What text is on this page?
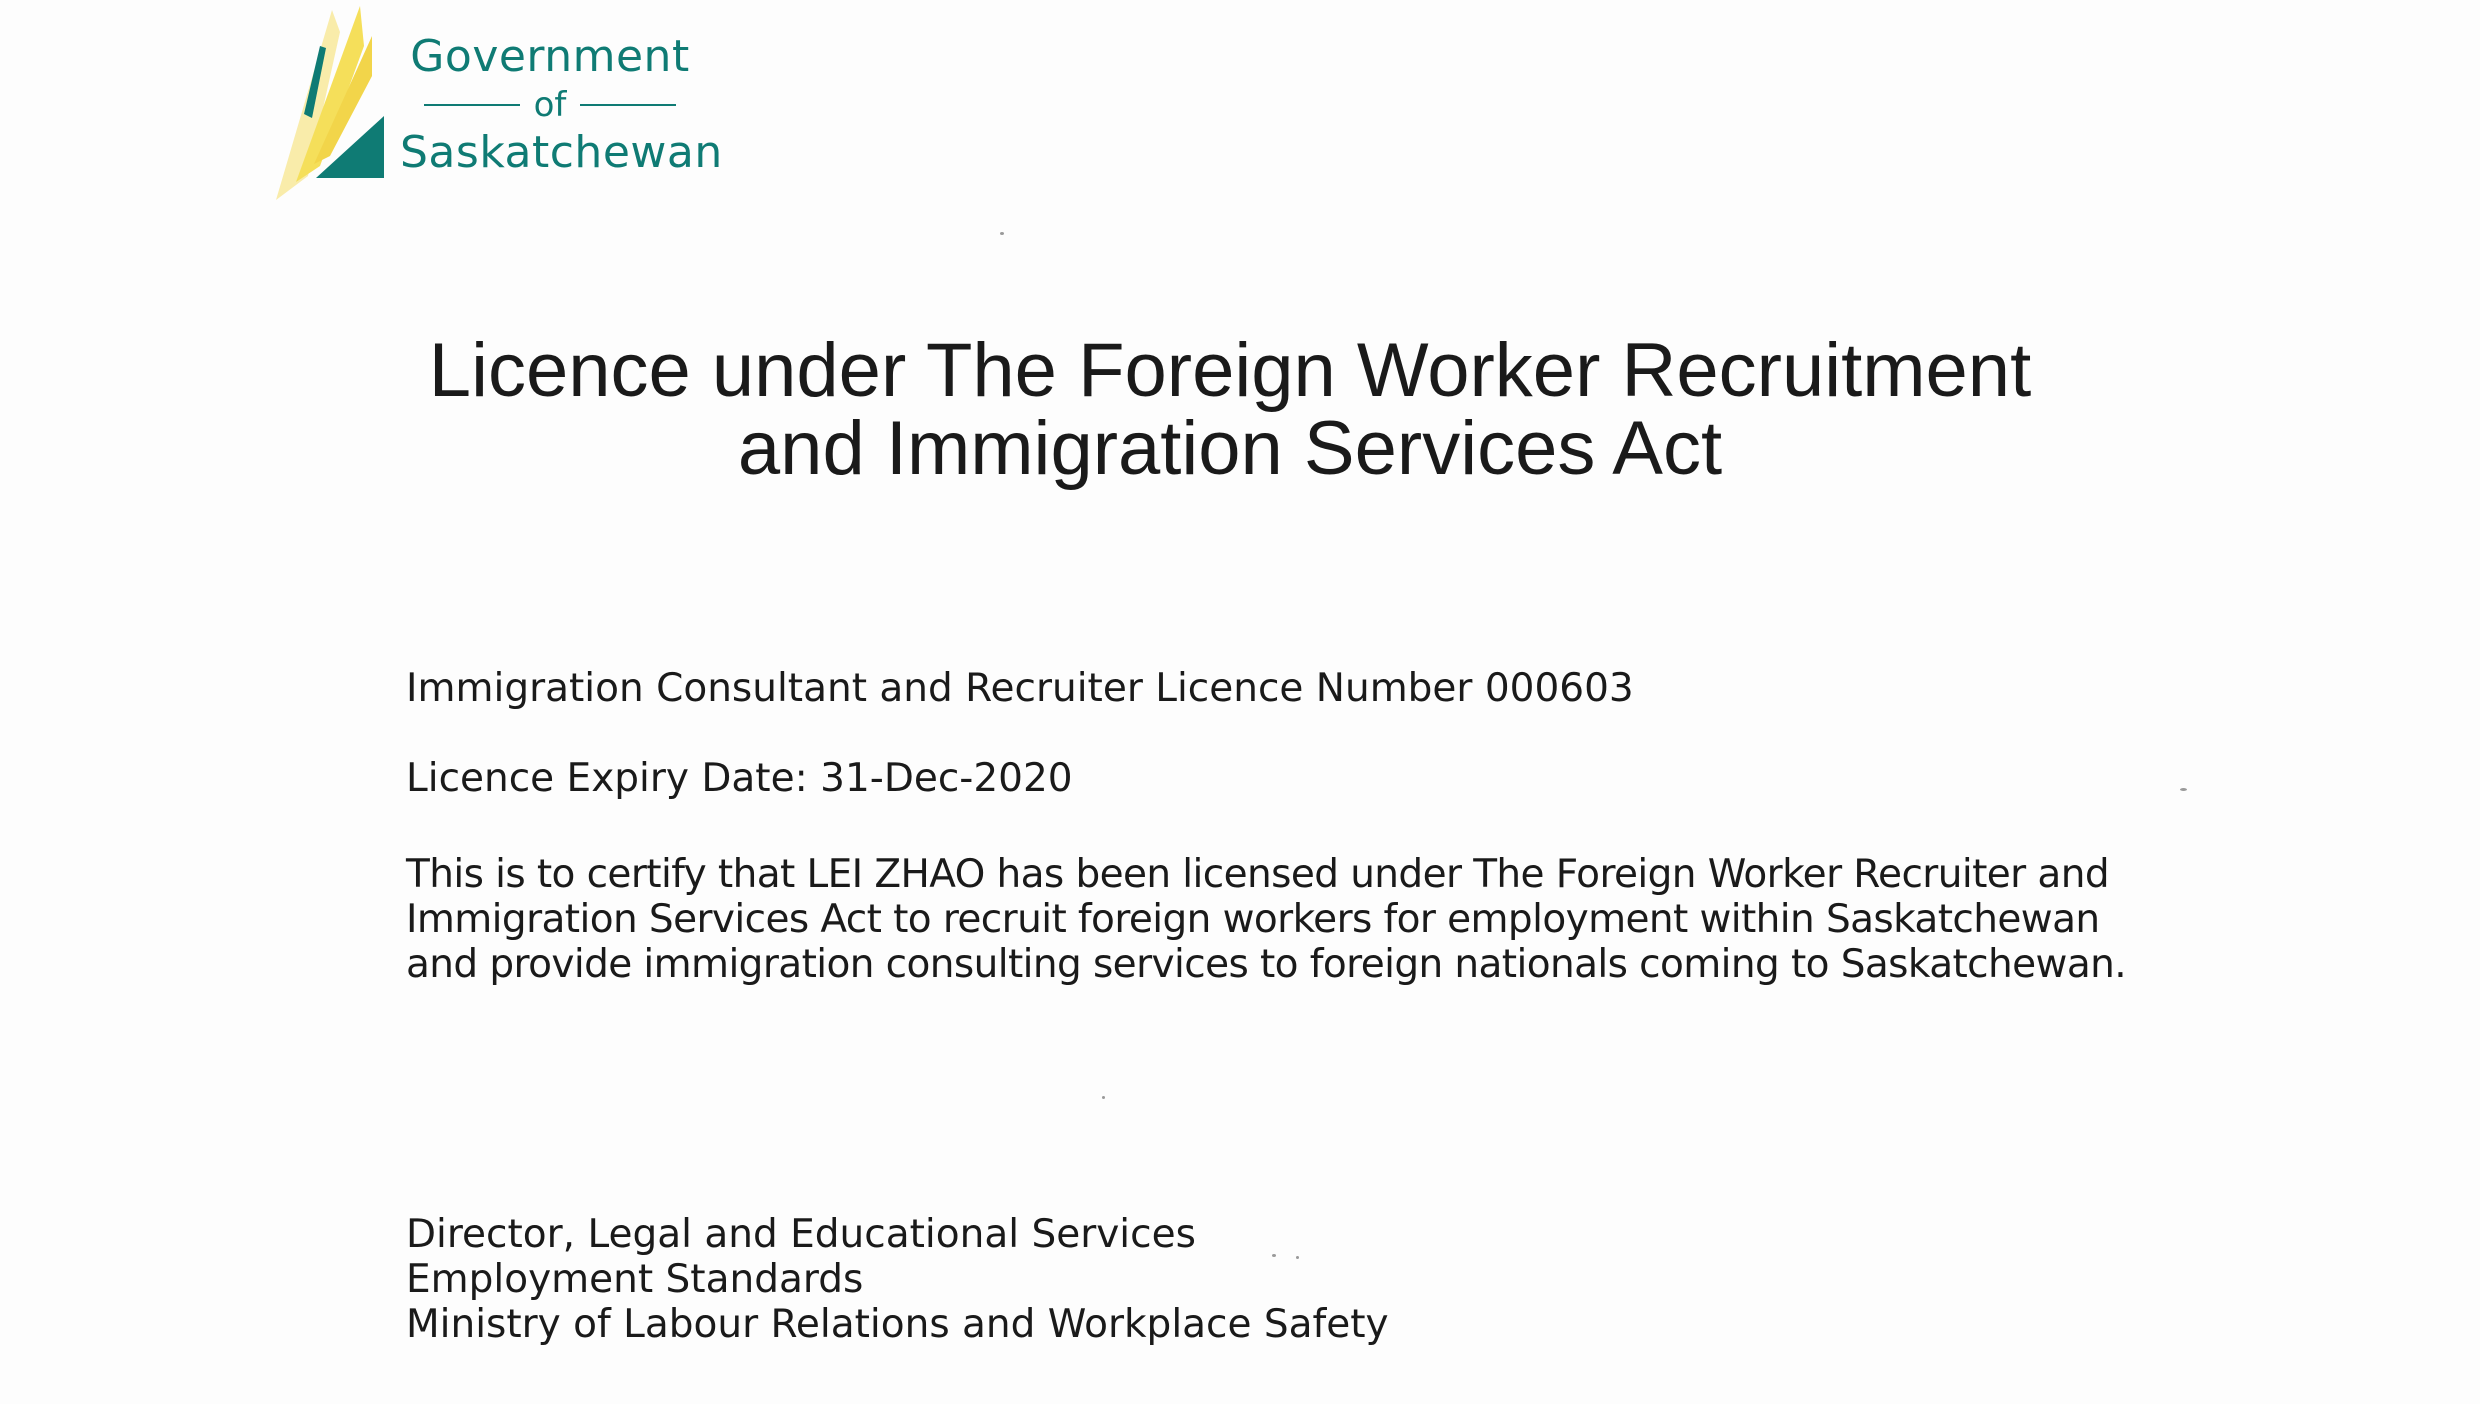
Government
of
Saskatchewan
Licence under The Foreign Worker Recruitment
and Immigration Services Act
Immigration Consultant and Recruiter Licence Number 000603
Licence Expiry Date: 31-Dec-2020
This is to certify that LEI ZHAO has been licensed under The Foreign Worker Recruiter and
Immigration Services Act to recruit foreign workers for employment within Saskatchewan
and provide immigration consulting services to foreign nationals coming to Saskatchewan.
Director, Legal and Educational Services
Employment Standards
Ministry of Labour Relations and Workplace Safety
